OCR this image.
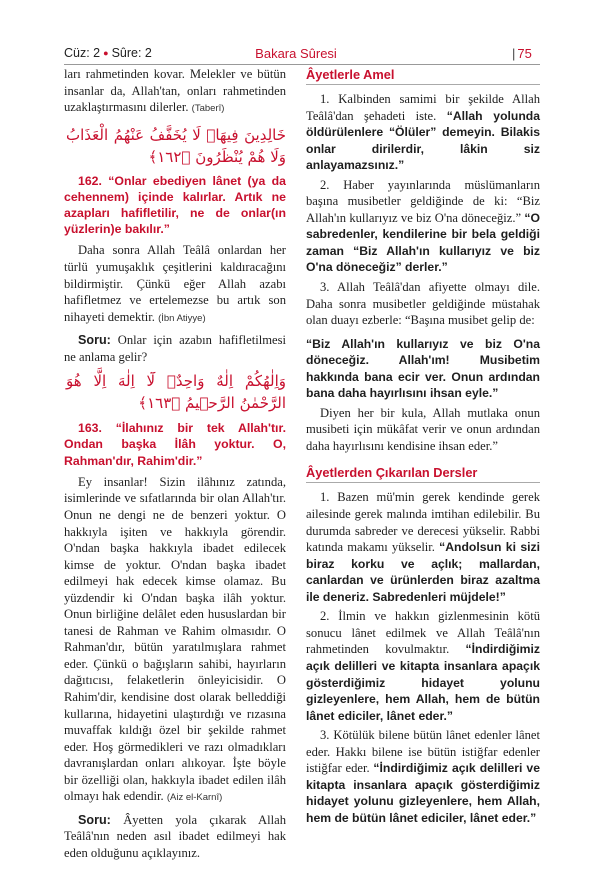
Cüz: 2 ● Sûre: 2	Bakara Sûresi	| 75

ları rahmetinden kovar. Melekler ve bütün insanlar da, Allah'tan, onları rahmetinden uzaklaştırmasını dilerler. (Taberî)

خَالِدِينَ فِيهَاۚ لَا يُخَفَّفُ عَنْهُمُ الْعَذَابُ وَلَا هُمْ يُنْظَرُونَ ﴿١٦٢﴾

162. “Onlar ebediyen lânet (ya da cehennem) içinde kalırlar. Artık ne azapları hafifletilir, ne de onlar(ın yüzlerin)e bakılır.”

Daha sonra Allah Teâlâ onlardan her türlü yumuşaklık çeşitlerini kaldıracağını bildirmiştir. Çünkü eğer Allah azabı hafifletmez ve ertelemezse bu artık son nihayeti demektir. (İbn Atiyye)

Soru: Onlar için azabın hafifletilmesi ne anlama gelir?

وَاِلٰهُكُمْ اِلٰهٌ وَاحِدٌۚ لَٓا اِلٰهَ اِلَّا هُوَ الرَّحْمٰنُ الرَّح۪يمُ ﴿١٦٣﴾

163. “İlahınız bir tek Allah'tır. Ondan başka İlâh yoktur. O, Rahman'dır, Rahim'dir.”

Ey insanlar! Sizin ilâhınız zatında, isimlerinde ve sıfatlarında bir olan Allah'tır. Onun ne dengi ne de benzeri yoktur. O hakkıyla işiten ve hakkıyla görendir. O'ndan başka hakkıyla ibadet edilecek kimse de yoktur. O'ndan başka ibadet edilmeyi hak edecek kimse olamaz. Bu yüzdendir ki O'ndan başka ilâh yoktur. Onun birliğine delâlet eden hususlardan bir tanesi de Rahman ve Rahim olmasıdır. O Rahman'dır, bütün yaratılmışlara rahmet eder. Çünkü o bağışların sahibi, hayırların dağıtıcısı, felaketlerin önleyicisidir. O Rahim'dir, kendisine dost olarak belleddiği kullarına, hidayetini ulaştırdığı ve rızasına muvaffak kıldığı özel bir şekilde rahmet eder. Hoş görmedikleri ve razı olmadıkları davranışlardan onları alıkoyar. İşte böyle bir özelliği olan, hakkıyla ibadet edilen ilâh olmayı hak edendir. (Aiz el-Karnî)

Soru: Âyetten yola çıkarak Allah Teâlâ'nın neden asıl ibadet edilmeyi hak eden olduğunu açıklayınız.

Âyetlerle Amel

1. Kalbinden samimi bir şekilde Allah Teâlâ'dan şehadeti iste. “Allah yolunda öldürülenlere “Ölüler” demeyin. Bilakis onlar dirilerdir, lâkin siz anlayamazsınız.”

2. Haber yayınlarında müslümanların başına musibetler geldiğinde de ki: “Biz Allah'ın kullarıyız ve biz O'na döneceğiz.” “O sabredenler, kendilerine bir bela geldiği zaman “Biz Allah'ın kullarıyız ve biz O'na döneceğiz” derler.”

3. Allah Teâlâ'dan afiyette olmayı dile. Daha sonra musibetler geldiğinde müstahak olan duayı ezberle: “Başına musibet gelip de:

“Biz Allah'ın kullarıyız ve biz O'na döneceğiz. Allah'ım! Musibetim hakkında bana ecir ver. Onun ardından bana daha hayırlısını ihsan eyle.”

Diyen her bir kula, Allah mutlaka onun musibeti için mükâfat verir ve onun ardından daha hayırlısını kendisine ihsan eder.”

Âyetlerden Çıkarılan Dersler

1. Bazen mü'min gerek kendinde gerek ailesinde gerek malında imtihan edilebilir. Bu durumda sabreder ve derecesi yükselir. Rabbi katında makamı yükselir. “Andolsun ki sizi biraz korku ve açlık; mallardan, canlardan ve ürünlerden biraz azaltma ile deneriz. Sabredenleri müjdele!”

2. İlmin ve hakkın gizlenmesinin kötü sonucu lânet edilmek ve Allah Teâlâ'nın rahmetinden kovulmaktır. “İndirdiğimiz açık delilleri ve kitapta insanlara apaçık gösterdiğimiz hidayet yolunu gizleyenlere, hem Allah, hem de bütün lânet ediciler, lânet eder.”

3. Kötülük bilene bütün lânet edenler lânet eder. Hakkı bilene ise bütün istiğfar edenler istiğfar eder. “İndirdiğimiz açık delilleri ve kitapta insanlara apaçık gösterdiğimiz hidayet yolunu gizleyenlere, hem Allah, hem de bütün lânet ediciler, lânet eder.”
